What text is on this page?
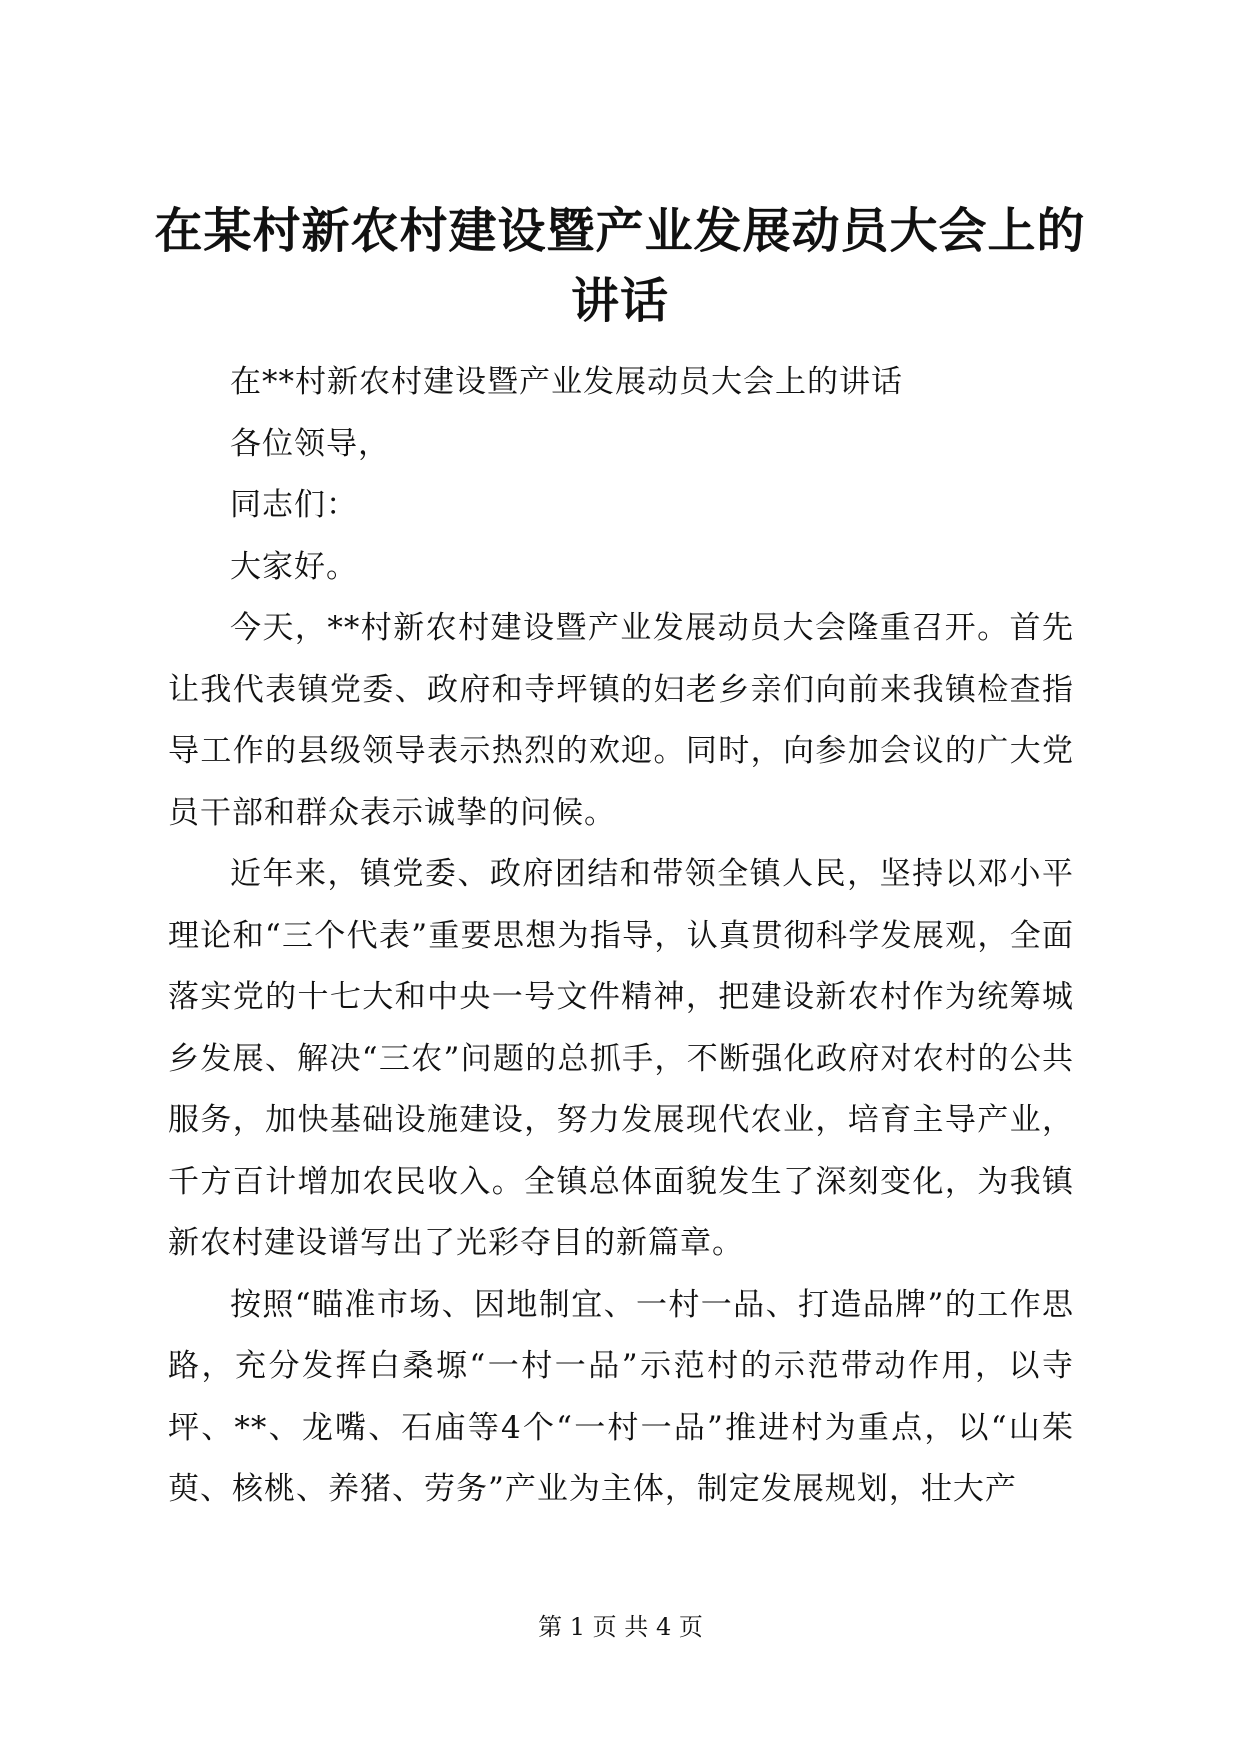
在某村新农村建设暨产业发展动员大会上的讲话

在**村新农村建设暨产业发展动员大会上的讲话

各位领导，

同志们：

大家好。

今天，**村新农村建设暨产业发展动员大会隆重召开。首先让我代表镇党委、政府和寺坪镇的妇老乡亲们向前来我镇检查指导工作的县级领导表示热烈的欢迎。同时，向参加会议的广大党员干部和群众表示诚挚的问候。

近年来，镇党委、政府团结和带领全镇人民，坚持以邓小平理论和“三个代表”重要思想为指导，认真贯彻科学发展观，全面落实党的十七大和中央一号文件精神，把建设新农村作为统筹城乡发展、解决“三农”问题的总抓手，不断强化政府对农村的公共服务，加快基础设施建设，努力发展现代农业，培育主导产业，千方百计增加农民收入。全镇总体面貌发生了深刻变化，为我镇新农村建设谱写出了光彩夺目的新篇章。

按照“瞄准市场、因地制宜、一村一品、打造品牌”的工作思路，充分发挥白桑塬“一村一品”示范村的示范带动作用，以寺坪、**、龙嘴、石庙等4个“一村一品”推进村为重点，以“山茱萸、核桃、养猪、劳务”产业为主体，制定发展规划，壮大产

第 1 页 共 4 页
